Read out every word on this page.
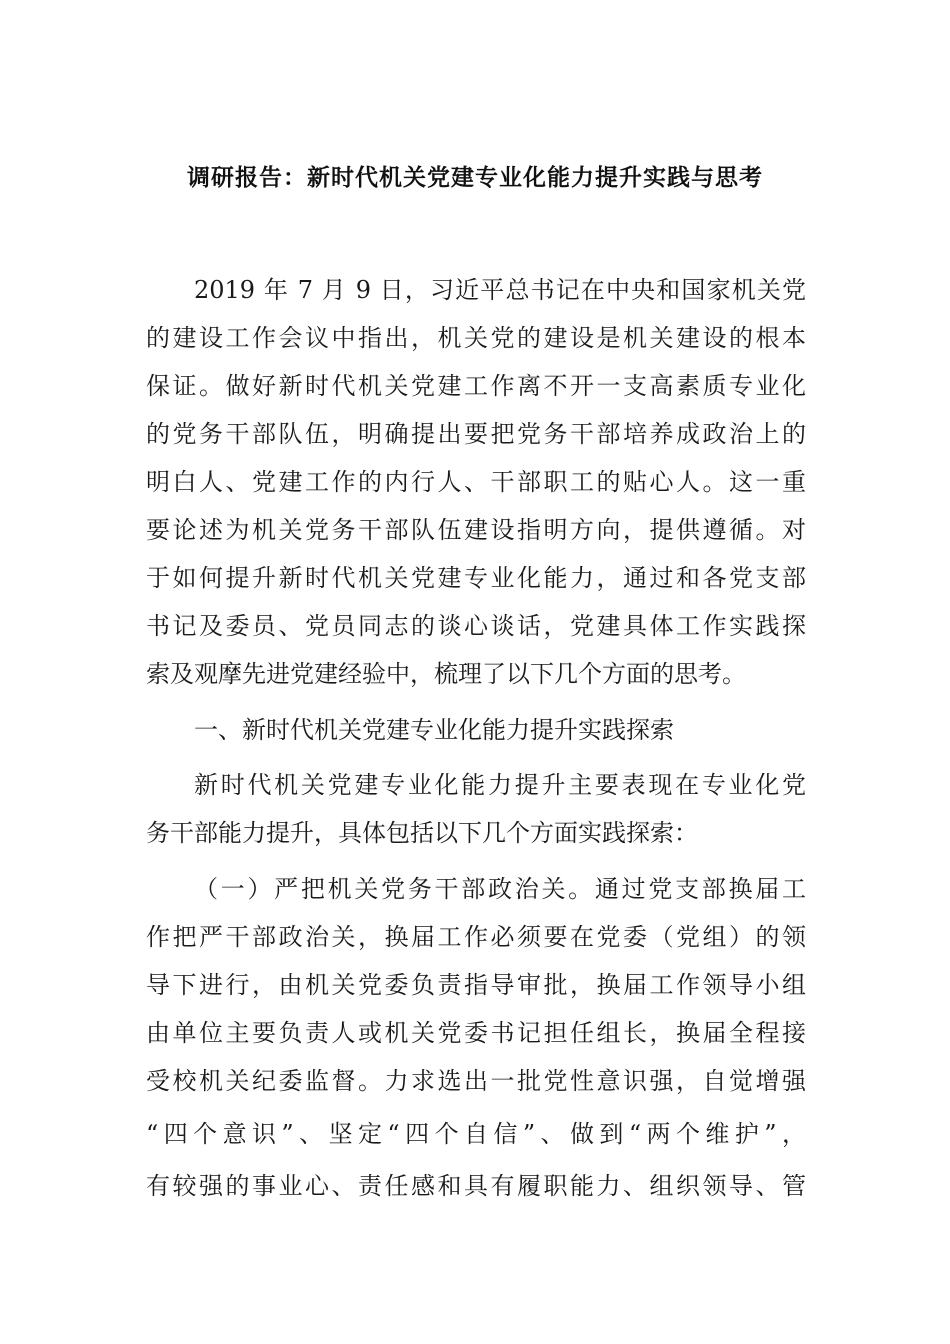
调研报告：新时代机关党建专业化能力提升实践与思考
2019 年 7 月 9 日，习近平总书记在中央和国家机关党
的建设工作会议中指出，机关党的建设是机关建设的根本
保证。做好新时代机关党建工作离不开一支高素质专业化
的党务干部队伍，明确提出要把党务干部培养成政治上的
明白人、党建工作的内行人、干部职工的贴心人。这一重
要论述为机关党务干部队伍建设指明方向，提供遵循。对
于如何提升新时代机关党建专业化能力，通过和各党支部
书记及委员、党员同志的谈心谈话，党建具体工作实践探
索及观摩先进党建经验中，梳理了以下几个方面的思考。
一、新时代机关党建专业化能力提升实践探索
新时代机关党建专业化能力提升主要表现在专业化党
务干部能力提升，具体包括以下几个方面实践探索：
（一）严把机关党务干部政治关。通过党支部换届工
作把严干部政治关，换届工作必须要在党委（党组）的领
导下进行，由机关党委负责指导审批，换届工作领导小组
由单位主要负责人或机关党委书记担任组长，换届全程接
受校机关纪委监督。力求选出一批党性意识强，自觉增强
“四个意识”、坚定“四个自信”、做到“两个维护”，
有较强的事业心、责任感和具有履职能力、组织领导、管
